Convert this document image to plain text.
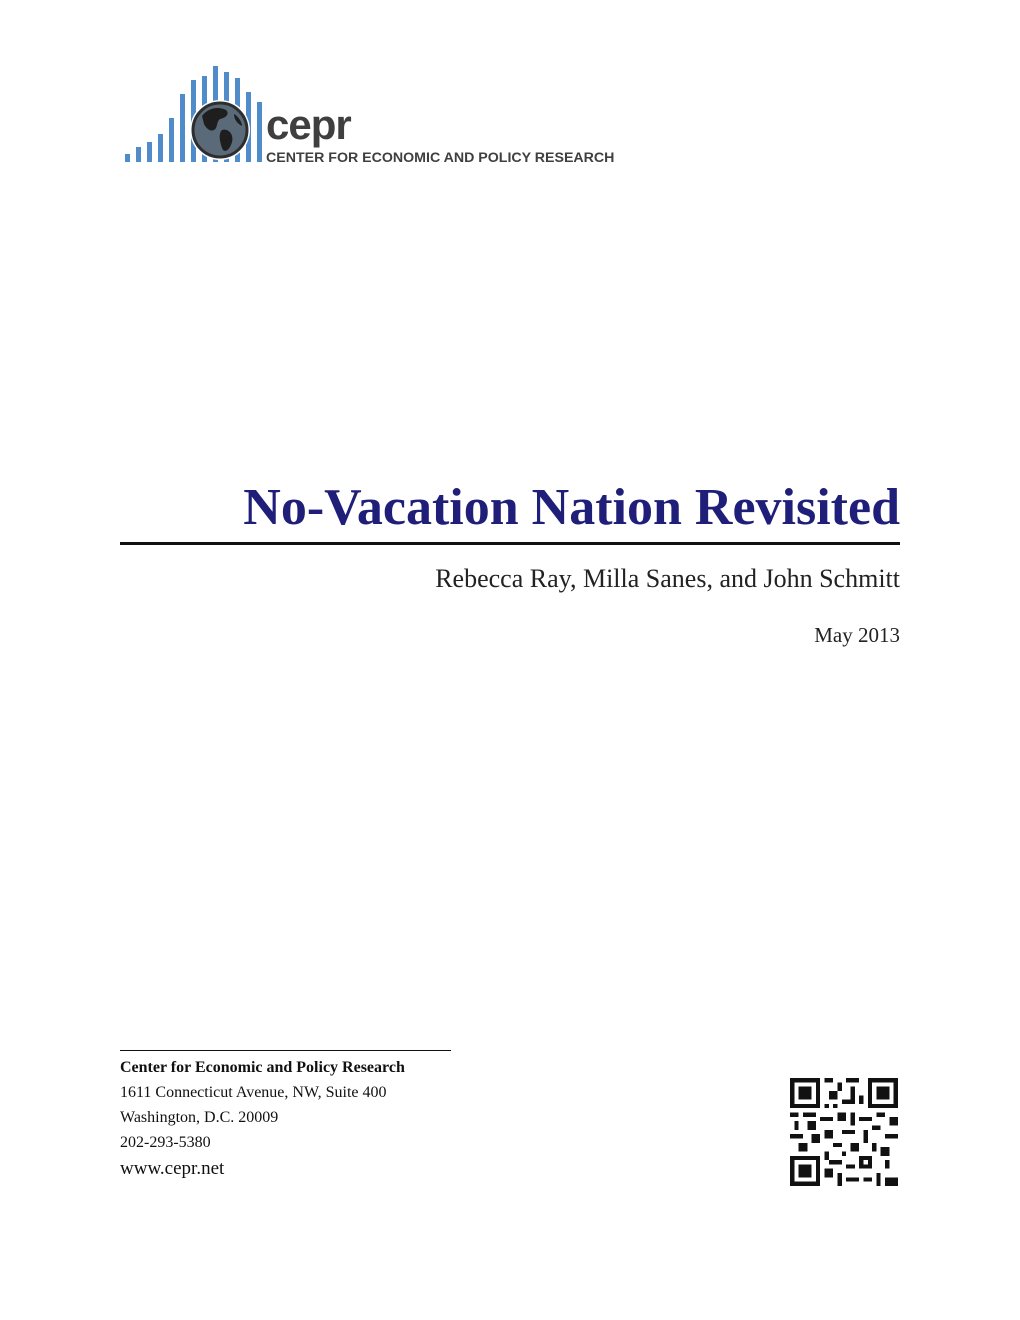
cepr
CENTER FOR ECONOMIC AND POLICY RESEARCH
No-Vacation Nation Revisited
Rebecca Ray, Milla Sanes, and John Schmitt
May 2013
Center for Economic and Policy Research
1611 Connecticut Avenue, NW, Suite 400
Washington, D.C. 20009
202-293-5380
www.cepr.net
